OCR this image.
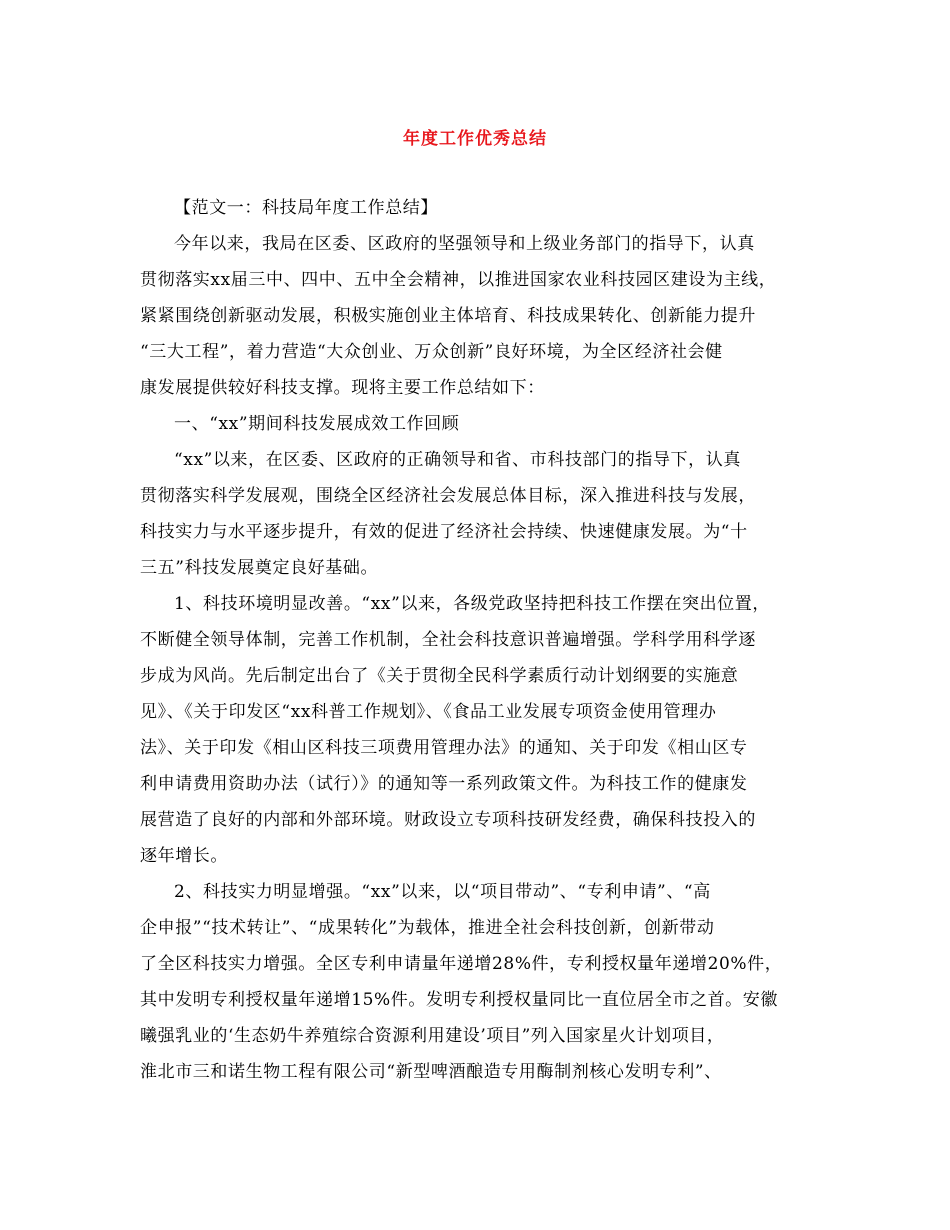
年度工作优秀总结
【范文一：科技局年度工作总结】
今年以来，我局在区委、区政府的坚强领导和上级业务部门的指导下，认真
贯彻落实xx届三中、四中、五中全会精神，以推进国家农业科技园区建设为主线，
紧紧围绕创新驱动发展，积极实施创业主体培育、科技成果转化、创新能力提升
“三大工程”，着力营造“大众创业、万众创新”良好环境，为全区经济社会健
康发展提供较好科技支撑。现将主要工作总结如下：
一、“xx”期间科技发展成效工作回顾
“xx”以来，在区委、区政府的正确领导和省、市科技部门的指导下，认真
贯彻落实科学发展观，围绕全区经济社会发展总体目标，深入推进科技与发展，
科技实力与水平逐步提升，有效的促进了经济社会持续、快速健康发展。为“十
三五”科技发展奠定良好基础。
1、科技环境明显改善。“xx”以来，各级党政坚持把科技工作摆在突出位置，
不断健全领导体制，完善工作机制，全社会科技意识普遍增强。学科学用科学逐
步成为风尚。先后制定出台了《关于贯彻全民科学素质行动计划纲要的实施意
见》、《关于印发区“xx科普工作规划》、《食品工业发展专项资金使用管理办
法》、关于印发《相山区科技三项费用管理办法》的通知、关于印发《相山区专
利申请费用资助办法（试行）》的通知等一系列政策文件。为科技工作的健康发
展营造了良好的内部和外部环境。财政设立专项科技研发经费，确保科技投入的
逐年增长。
2、科技实力明显增强。“xx”以来，以“项目带动”、“专利申请”、“高
企申报”“技术转让”、“成果转化”为载体，推进全社会科技创新，创新带动
了全区科技实力增强。全区专利申请量年递增28%件，专利授权量年递增20%件，
其中发明专利授权量年递增15%件。发明专利授权量同比一直位居全市之首。安徽
曦强乳业的‘生态奶牛养殖综合资源利用建设’项目”列入国家星火计划项目，
淮北市三和诺生物工程有限公司“新型啤酒酿造专用酶制剂核心发明专利”、
